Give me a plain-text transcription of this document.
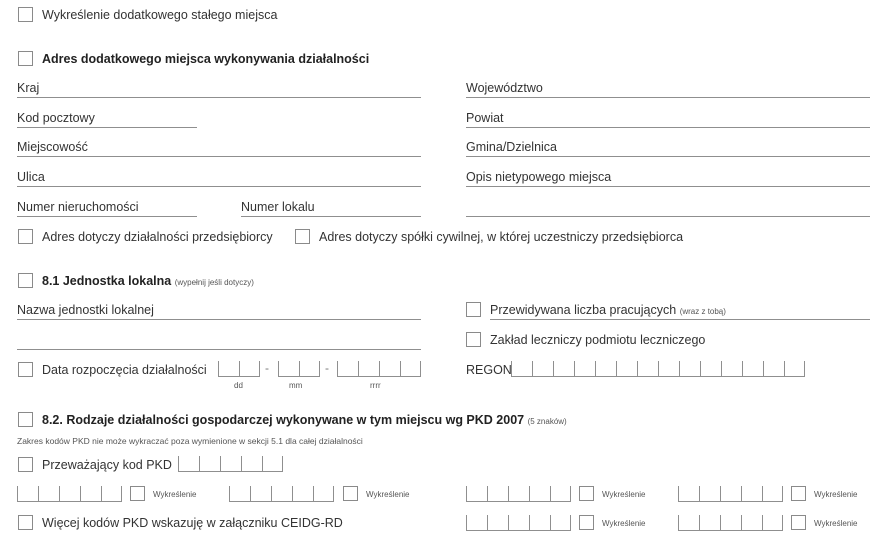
Wykreślenie dodatkowego stałego miejsca
Adres dodatkowego miejsca wykonywania działalności
Kraj	Województwo
Kod pocztowy	Powiat
Miejscowość	Gmina/Dzielnica
Ulica	Opis nietypowego miejsca
Numer nieruchomości	Numer lokalu
Adres dotyczy działalności przedsiębiorcy	Adres dotyczy spółki cywilnej, w której uczestniczy przedsiębiorca
8.1 Jednostka lokalna (wypełnij jeśli dotyczy)
Nazwa jednostki lokalnej	Przewidywana liczba pracujących (wraz z tobą)
Zakład leczniczy podmiotu leczniczego
Data rozpoczęcia działalności	-	-
dd	mm	rrrr
REGON
8.2. Rodzaje działalności gospodarczej wykonywane w tym miejscu wg PKD 2007 (5 znaków)
Zakres kodów PKD nie może wykraczać poza wymienione w sekcji 5.1 dla całej działalności
Przeważający kod PKD
Wykreślenie	Wykreślenie	Wykreślenie	Wykreślenie
Więcej kodów PKD wskazuję w załączniku CEIDG-RD	Wykreślenie	Wykreślenie
